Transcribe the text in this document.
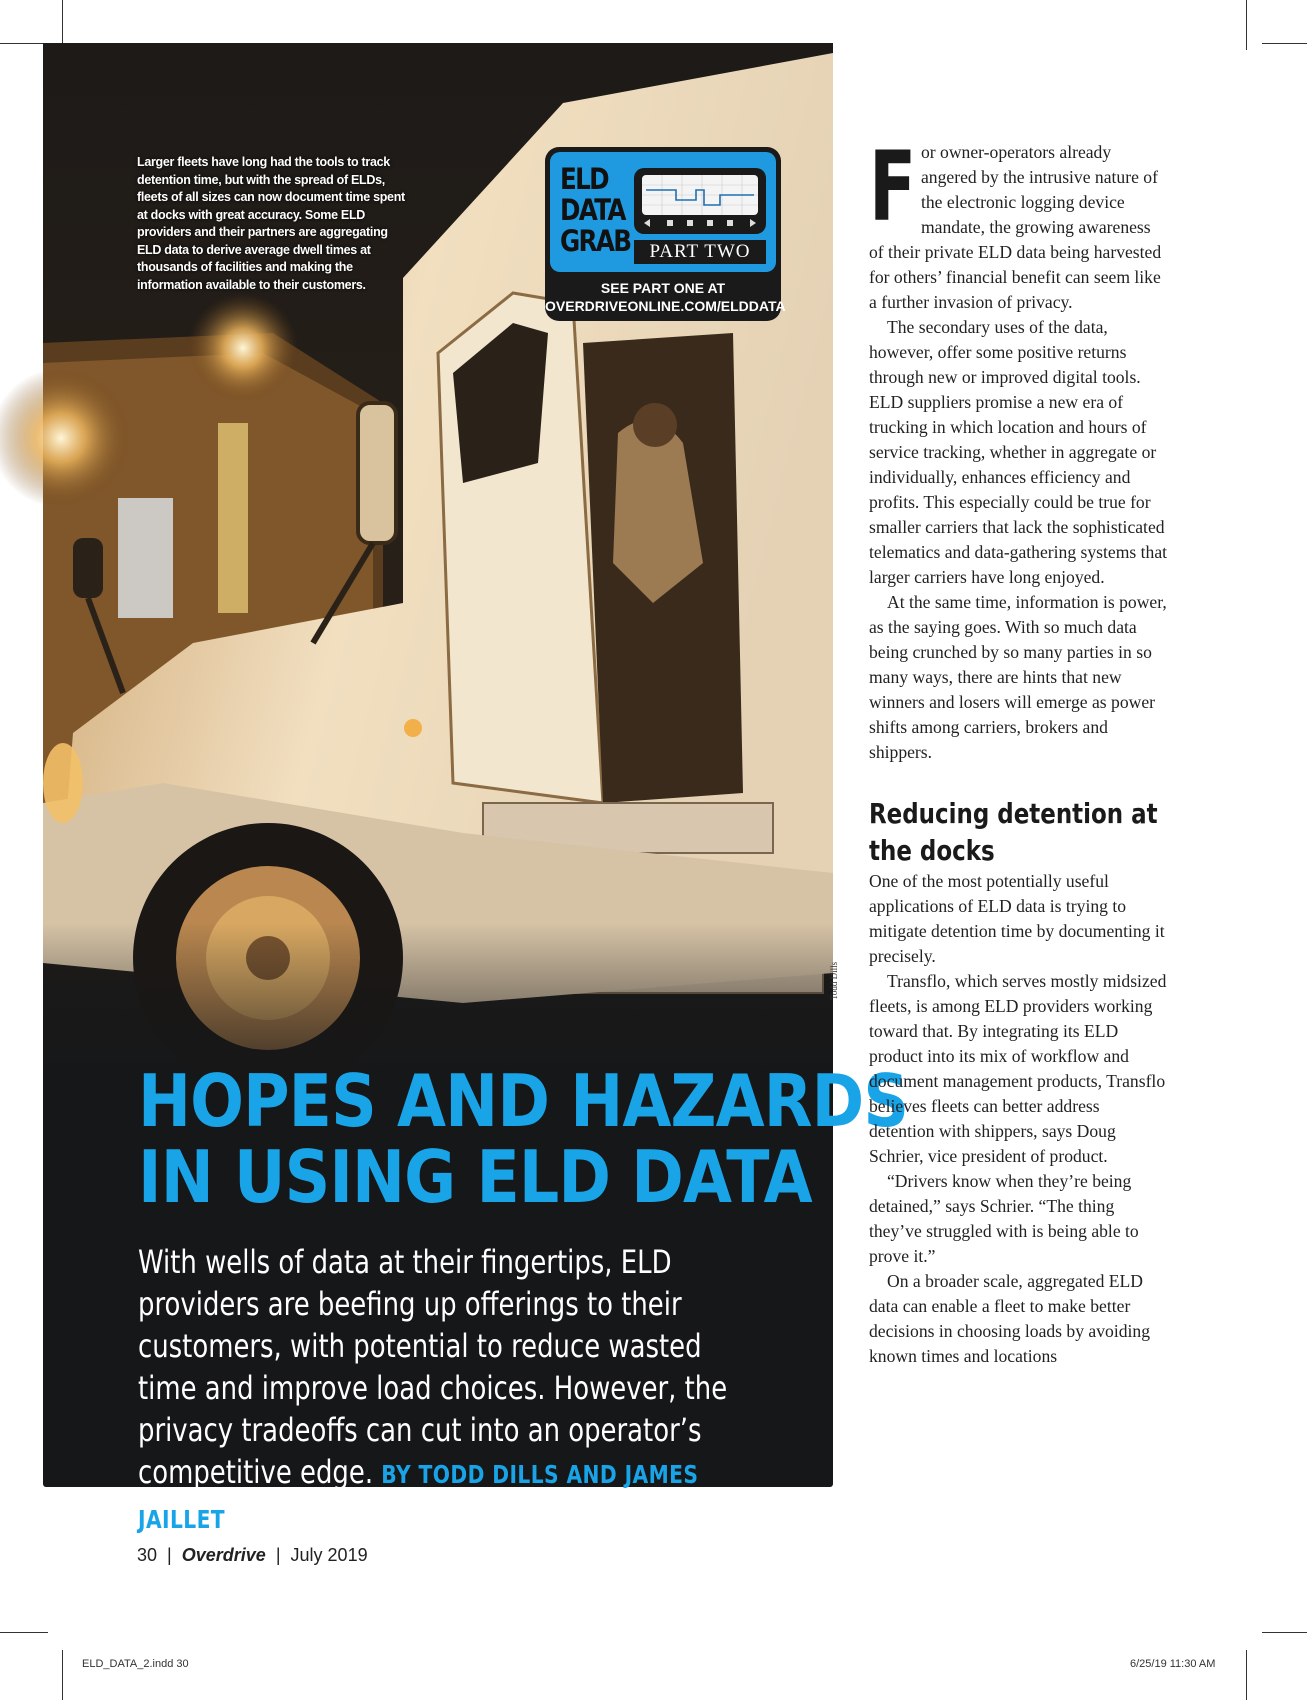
Larger fleets have long had the tools to track detention time, but with the spread of ELDs, fleets of all sizes can now document time spent at docks with great accuracy. Some ELD providers and their partners are aggregating ELD data to derive average dwell times at thousands of facilities and making the information available to their customers.
ELD
DATA
GRAB	PART TWO
SEE PART ONE AT
OVERDRIVEONLINE.COM/ELDDATA
HOPES AND HAZARDS
IN USING ELD DATA
With wells of data at their fingertips, ELD providers are beefing up offerings to their customers, with potential to reduce wasted time and improve load choices. However, the privacy tradeoffs can cut into an operator’s competitive edge. BY TODD DILLS AND JAMES JAILLET
Todd Dills

For owner-operators already angered by the intrusive nature of the electronic logging device mandate, the growing awareness of their private ELD data being harvested for others’ financial benefit can seem like a further invasion of privacy.

The secondary uses of the data, however, offer some positive returns through new or improved digital tools. ELD suppliers promise a new era of trucking in which location and hours of service tracking, whether in aggregate or individually, enhances efficiency and profits. This especially could be true for smaller carriers that lack the sophisticated telematics and data-gathering systems that larger carriers have long enjoyed.

At the same time, information is power, as the saying goes. With so much data being crunched by so many parties in so many ways, there are hints that new winners and losers will emerge as power shifts among carriers, brokers and shippers.

Reducing detention at the docks

One of the most potentially useful applications of ELD data is trying to mitigate detention time by documenting it precisely.

Transflo, which serves mostly midsized fleets, is among ELD providers working toward that. By integrating its ELD product into its mix of workflow and document management products, Transflo believes fleets can better address detention with shippers, says Doug Schrier, vice president of product.

“Drivers know when they’re being detained,” says Schrier. “The thing they’ve struggled with is being able to prove it.”

On a broader scale, aggregated ELD data can enable a fleet to make better decisions in choosing loads by avoiding known times and locations

30 | Overdrive | July 2019
ELD_DATA_2.indd 30	6/25/19 11:30 AM
